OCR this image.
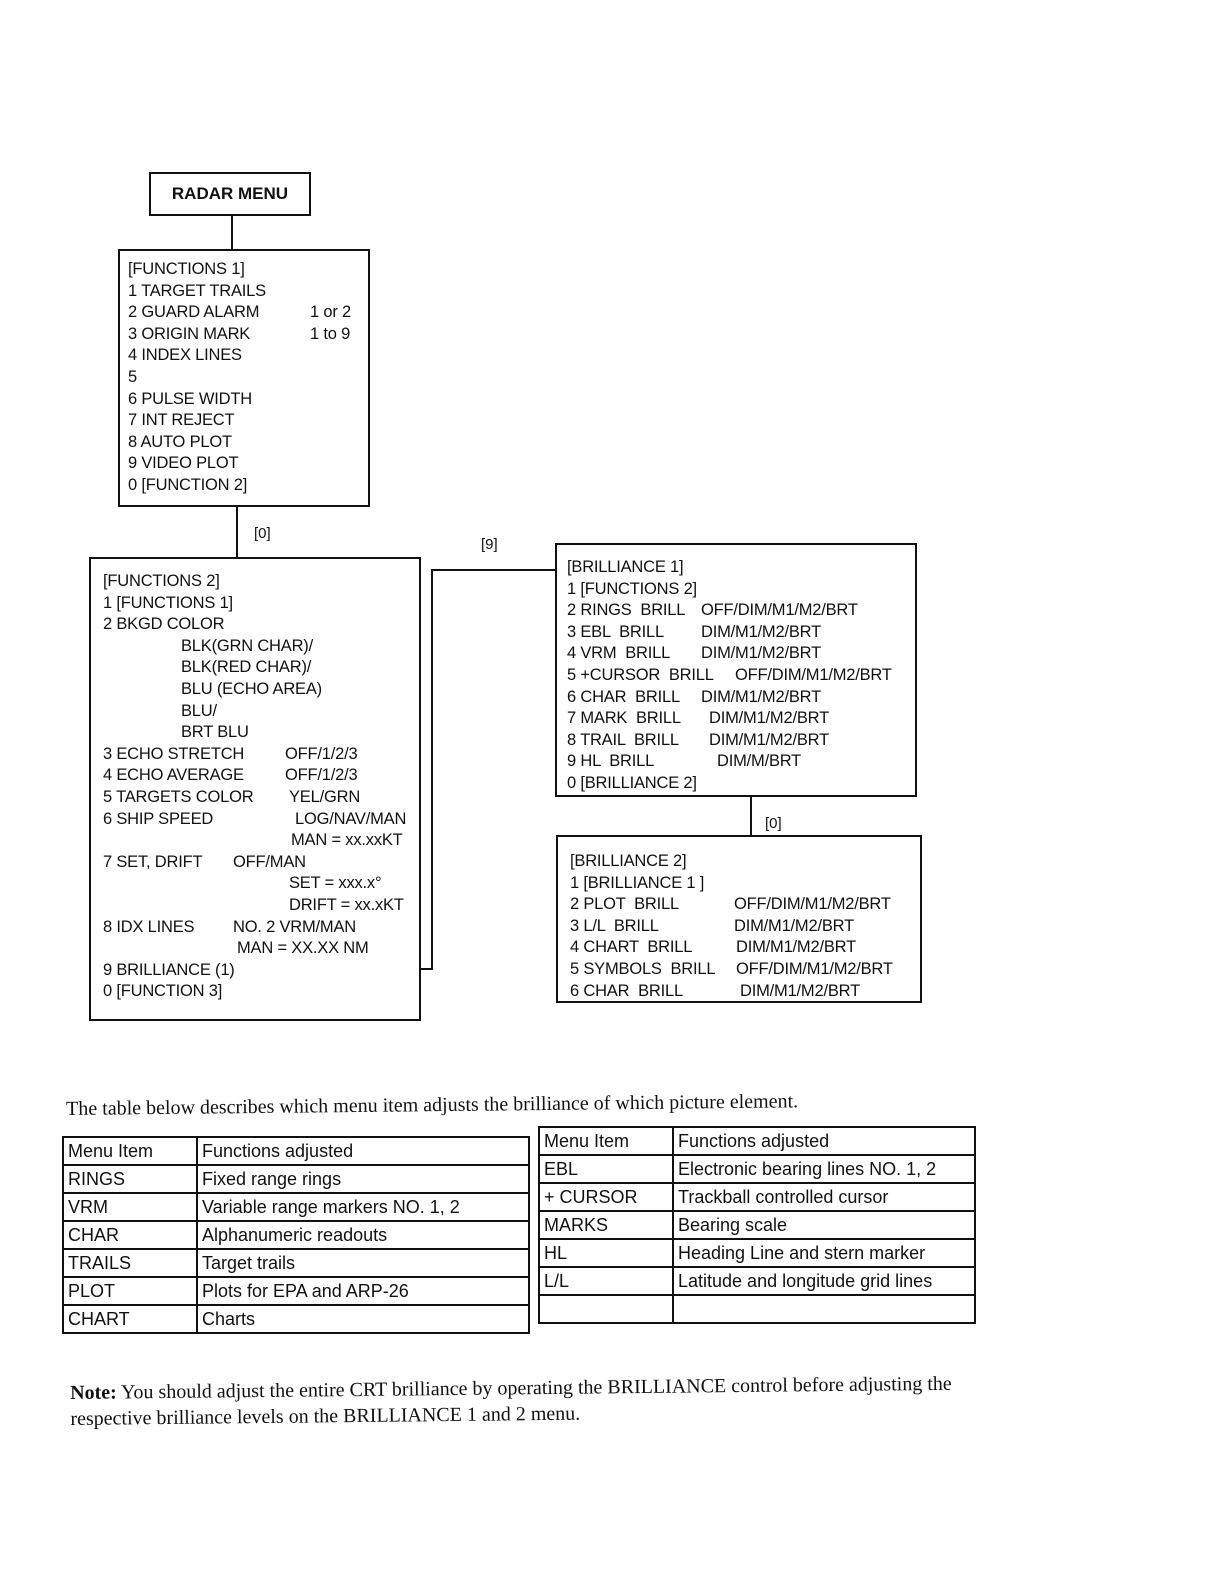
RADAR MENU
[FUNCTIONS 1]
1 TARGET TRAILS
2 GUARD ALARM	1 or 2
3 ORIGIN MARK	1 to 9
4 INDEX LINES
5
6 PULSE WIDTH
7 INT REJECT
8 AUTO PLOT
9 VIDEO PLOT
0 [FUNCTION 2]
[0]
[FUNCTIONS 2]
1 [FUNCTIONS 1]
2 BKGD COLOR
BLK(GRN CHAR)/
BLK(RED CHAR)/
BLU (ECHO AREA)
BLU/
BRT BLU
3 ECHO STRETCH OFF/1/2/3
4 ECHO AVERAGE OFF/1/2/3
5 TARGETS COLOR YEL/GRN
6 SHIP SPEED	LOG/NAV/MAN
MAN = xx.xxKT
7 SET, DRIFT OFF/MAN
SET = xxx.x°
DRIFT = xx.xKT
8 IDX LINES NO. 2 VRM/MAN
MAN = XX.XX NM
9 BRILLIANCE (1)
0 [FUNCTION 3]
[9]
[BRILLIANCE 1]
1 [FUNCTIONS 2]
2 RINGS  BRILL OFF/DIM/M1/M2/BRT
3 EBL  BRILL DIM/M1/M2/BRT
4 VRM  BRILL DIM/M1/M2/BRT
5 +CURSOR  BRILL OFF/DIM/M1/M2/BRT
6 CHAR  BRILL DIM/M1/M2/BRT
7 MARK  BRILL DIM/M1/M2/BRT
8 TRAIL  BRILL DIM/M1/M2/BRT
9 HL  BRILL	DIM/M/BRT
0 [BRILLIANCE 2]
[0]
[BRILLIANCE 2]
1 [BRILLIANCE 1 ]
2 PLOT  BRILL	OFF/DIM/M1/M2/BRT
3 L/L  BRILL	DIM/M1/M2/BRT
4 CHART  BRILL	DIM/M1/M2/BRT
5 SYMBOLS  BRILL OFF/DIM/M1/M2/BRT
6 CHAR  BRILL	DIM/M1/M2/BRT
The table below describes which menu item adjusts the brilliance of which picture element.
Menu Item	Functions adjusted
RINGS	Fixed range rings
VRM	Variable range markers NO. 1, 2
CHAR	Alphanumeric readouts
TRAILS	Target trails
PLOT	Plots for EPA and ARP-26
CHART	Charts
Menu Item	Functions adjusted
EBL	Electronic bearing lines NO. 1, 2
+ CURSOR	Trackball controlled cursor
MARKS	Bearing scale
HL	Heading Line and stern marker
L/L	Latitude and longitude grid lines

Note: You should adjust the entire CRT brilliance by operating the BRILLIANCE control before adjusting the respective brilliance levels on the BRILLIANCE 1 and 2 menu.
